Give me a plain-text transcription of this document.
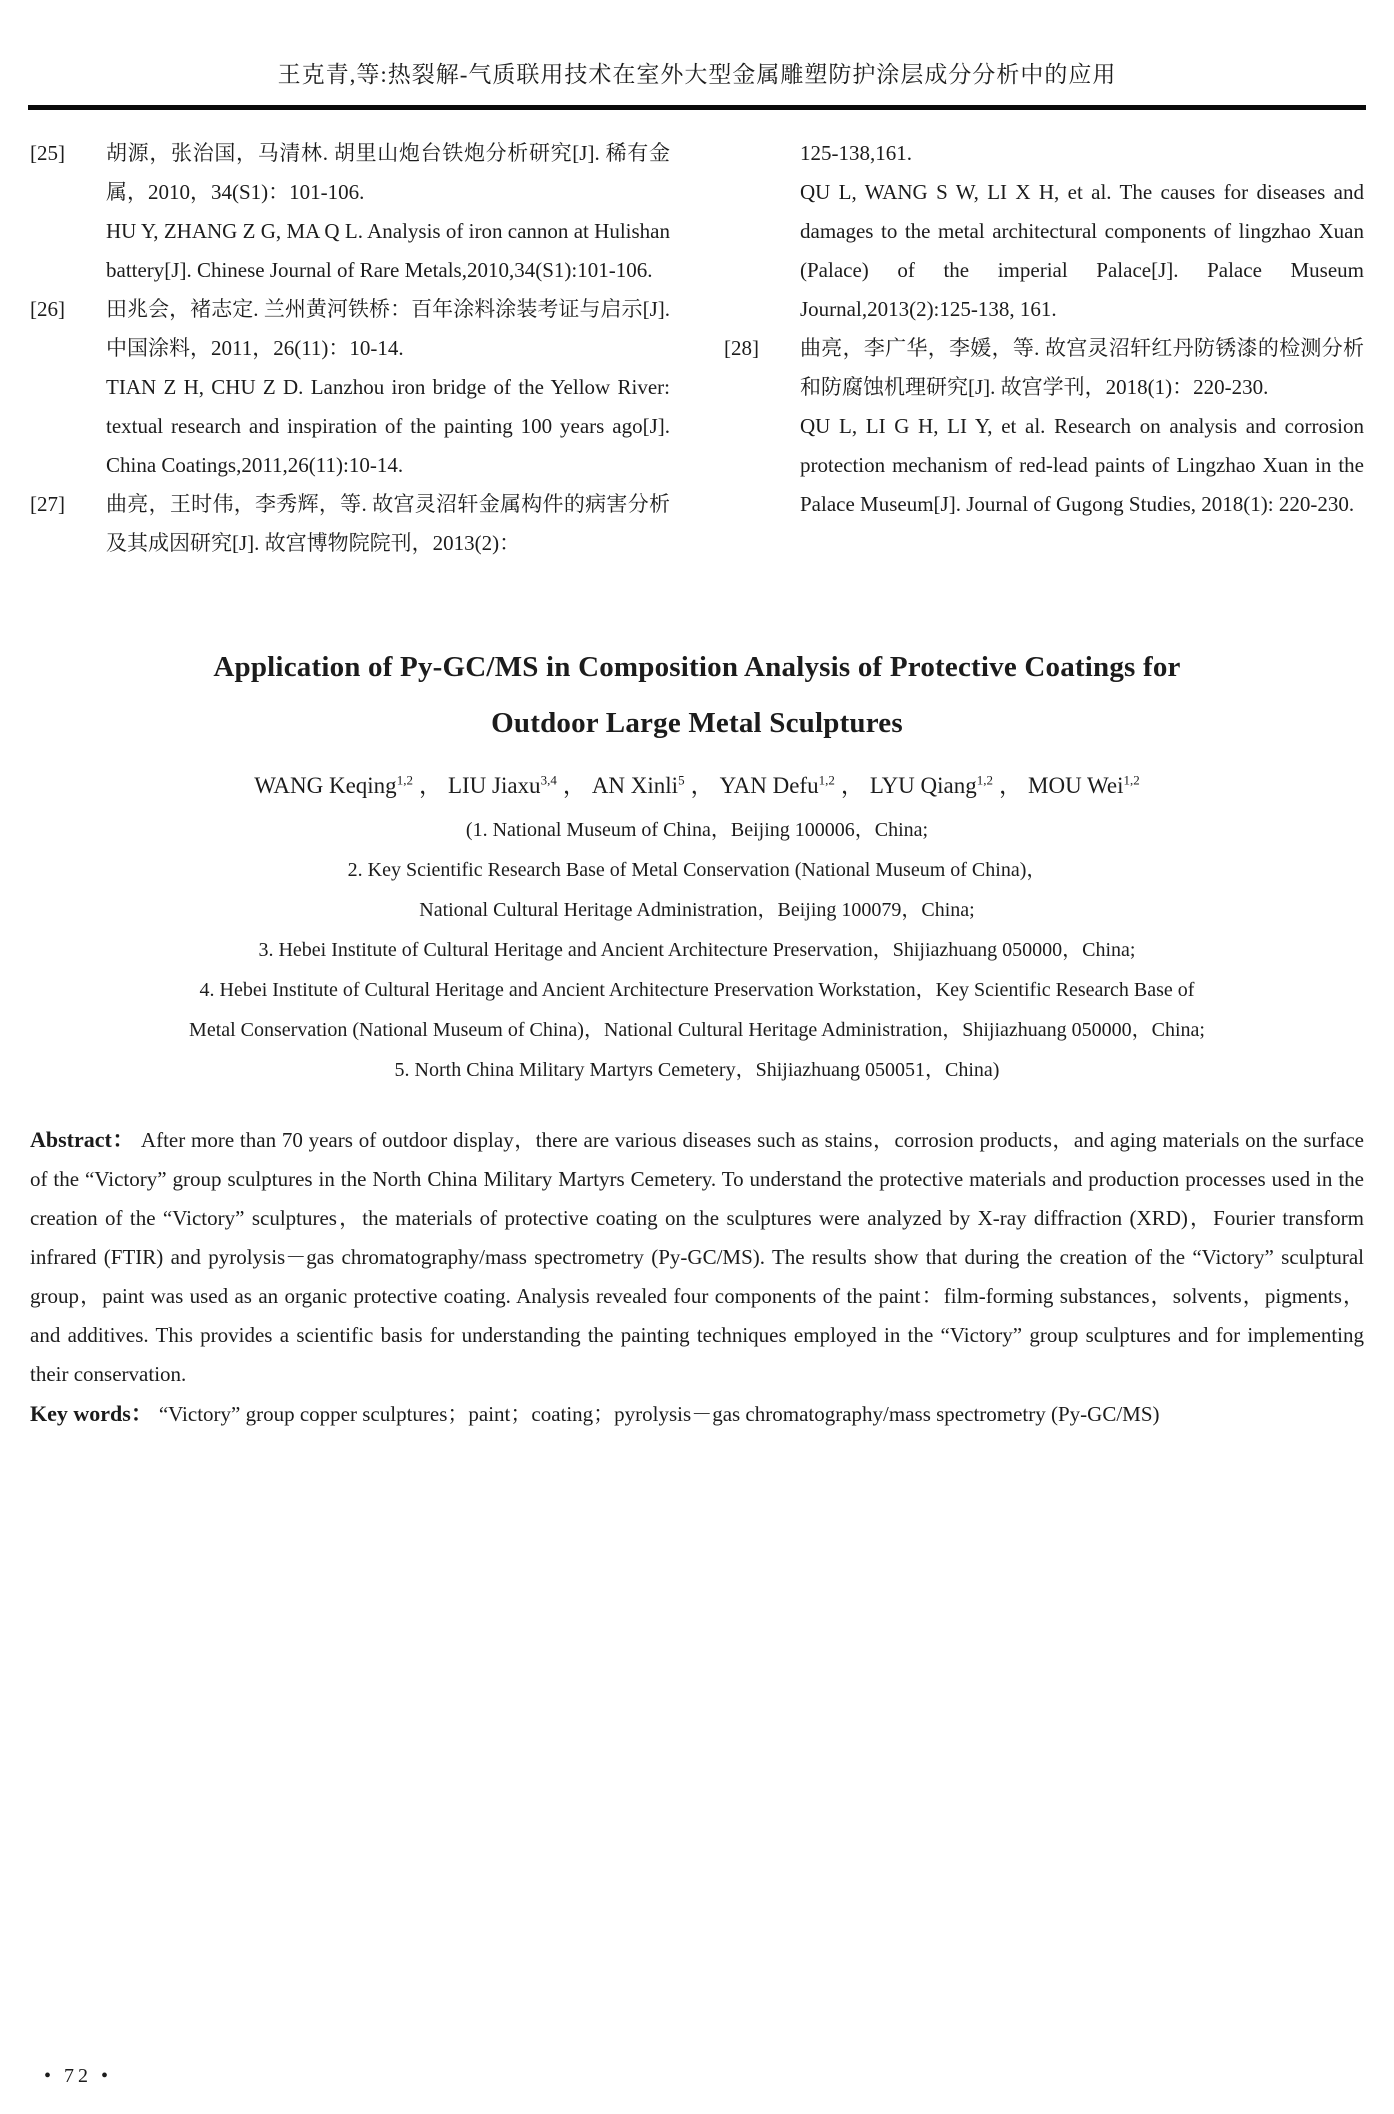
王克青,等:热裂解-气质联用技术在室外大型金属雕塑防护涂层成分分析中的应用
[25]	胡源，张治国，马清林. 胡里山炮台铁炮分析研究[J]. 稀有金属，2010，34(S1)：101-106.

HU Y, ZHANG Z G, MA Q L. Analysis of iron cannon at Hulishan battery[J]. Chinese Journal of Rare Metals,2010,34(S1):101-106.

[26]	田兆会，褚志定. 兰州黄河铁桥：百年涂料涂装考证与启示[J]. 中国涂料，2011，26(11)：10-14.

TIAN Z H, CHU Z D. Lanzhou iron bridge of the Yellow River: textual research and inspiration of the painting 100 years ago[J]. China Coatings,2011,26(11):10-14.

[27]	曲亮，王时伟，李秀辉，等. 故宫灵沼轩金属构件的病害分析及其成因研究[J]. 故宫博物院院刊，2013(2)：

125-138,161.

QU L, WANG S W, LI X H, et al. The causes for diseases and damages to the metal architectural components of lingzhao Xuan (Palace) of the imperial Palace[J]. Palace Museum Journal,2013(2):125-138, 161.

[28]	曲亮，李广华，李媛，等. 故宫灵沼轩红丹防锈漆的检测分析和防腐蚀机理研究[J]. 故宫学刊，2018(1)：220-230.

QU L, LI G H, LI Y, et al. Research on analysis and corrosion protection mechanism of red-lead paints of Lingzhao Xuan in the Palace Museum[J]. Journal of Gugong Studies, 2018(1): 220-230.

Application of Py-GC/MS in Composition Analysis of Protective Coatings for
Outdoor Large Metal Sculptures
WANG Keqing$^{1,2}$ ， LIU Jiaxu$^{3,4}$ ， AN Xinli$^5$ ， YAN Defu$^{1,2}$ ， LYU Qiang$^{1,2}$ ， MOU Wei$^{1,2}$
(1. National Museum of China，Beijing 100006，China;
2. Key Scientific Research Base of Metal Conservation (National Museum of China)，
National Cultural Heritage Administration，Beijing 100079，China;
3. Hebei Institute of Cultural Heritage and Ancient Architecture Preservation，Shijiazhuang 050000，China;
4. Hebei Institute of Cultural Heritage and Ancient Architecture Preservation Workstation，Key Scientific Research Base of
Metal Conservation (National Museum of China)，National Cultural Heritage Administration，Shijiazhuang 050000，China;
5. North China Military Martyrs Cemetery，Shijiazhuang 050051，China)

Abstract： After more than 70 years of outdoor display，there are various diseases such as stains，corrosion products，and aging materials on the surface of the “Victory” group sculptures in the North China Military Martyrs Cemetery. To understand the protective materials and production processes used in the creation of the “Victory” sculptures，the materials of protective coating on the sculptures were analyzed by X-ray diffraction (XRD)，Fourier transform infrared (FTIR) and pyrolysis－gas chromatography/mass spectrometry (Py-GC/MS). The results show that during the creation of the “Victory” sculptural group，paint was used as an organic protective coating. Analysis revealed four components of the paint：film-forming substances，solvents，pigments，and additives. This provides a scientific basis for understanding the painting techniques employed in the “Victory” group sculptures and for implementing their conservation.

Key words： “Victory” group copper sculptures；paint；coating；pyrolysis－gas chromatography/mass spectrometry (Py-GC/MS)

• 72 •
